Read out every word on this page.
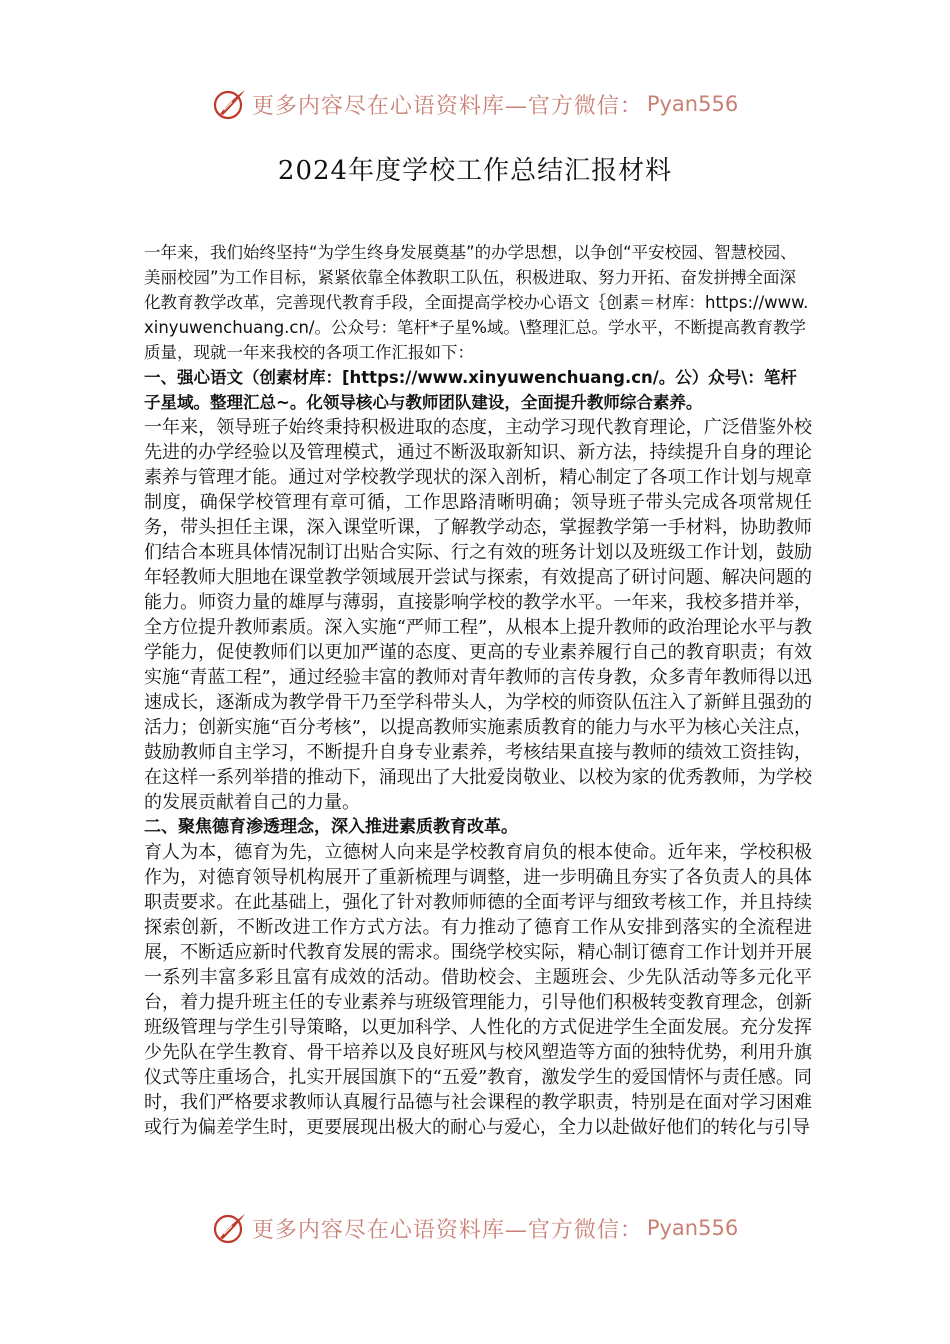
更多内容尽在心语资料库—官方微信： Pyan556
2024年度学校工作总结汇报材料

一年来，我们始终坚持“为学生终身发展奠基”的办学思想，以争创“平安校园、智慧校园、美丽校园”为工作目标，紧紧依靠全体教职工队伍，积极进取、努力开拓、奋发拼搏全面深化教育教学改革，完善现代教育手段，全面提高学校办心语文｛创素＝材库：https://www.xinyuwenchuang.cn/。公众号：笔杆*子星%域。\整理汇总。学水平，不断提高教育教学质量，现就一年来我校的各项工作汇报如下：

一、强心语文（创素材库：[https://www.xinyuwenchuang.cn/。公）众号\：笔杆子星域。整理汇总~。化领导核心与教师团队建设，全面提升教师综合素养。

一年来，领导班子始终秉持积极进取的态度，主动学习现代教育理论，广泛借鉴外校先进的办学经验以及管理模式，通过不断汲取新知识、新方法，持续提升自身的理论素养与管理才能。通过对学校教学现状的深入剖析，精心制定了各项工作计划与规章制度，确保学校管理有章可循，工作思路清晰明确；领导班子带头完成各项常规任务，带头担任主课，深入课堂听课，了解教学动态，掌握教学第一手材料，协助教师们结合本班具体情况制订出贴合实际、行之有效的班务计划以及班级工作计划，鼓励年轻教师大胆地在课堂教学领域展开尝试与探索，有效提高了研讨问题、解决问题的能力。师资力量的雄厚与薄弱，直接影响学校的教学水平。一年来，我校多措并举，全方位提升教师素质。深入实施“严师工程”，从根本上提升教师的政治理论水平与教学能力，促使教师们以更加严谨的态度、更高的专业素养履行自己的教育职责；有效实施“青蓝工程”，通过经验丰富的教师对青年教师的言传身教，众多青年教师得以迅速成长，逐渐成为教学骨干乃至学科带头人，为学校的师资队伍注入了新鲜且强劲的活力；创新实施“百分考核”，以提高教师实施素质教育的能力与水平为核心关注点，鼓励教师自主学习，不断提升自身专业素养，考核结果直接与教师的绩效工资挂钩，在这样一系列举措的推动下，涌现出了大批爱岗敬业、以校为家的优秀教师，为学校的发展贡献着自己的力量。

二、聚焦德育渗透理念，深入推进素质教育改革。

育人为本，德育为先，立德树人向来是学校教育肩负的根本使命。近年来，学校积极作为，对德育领导机构展开了重新梳理与调整，进一步明确且夯实了各负责人的具体职责要求。在此基础上，强化了针对教师师德的全面考评与细致考核工作，并且持续探索创新，不断改进工作方式方法。有力推动了德育工作从安排到落实的全流程进展，不断适应新时代教育发展的需求。围绕学校实际，精心制订德育工作计划并开展一系列丰富多彩且富有成效的活动。借助校会、主题班会、少先队活动等多元化平台，着力提升班主任的专业素养与班级管理能力，引导他们积极转变教育理念，创新班级管理与学生引导策略，以更加科学、人性化的方式促进学生全面发展。充分发挥少先队在学生教育、骨干培养以及良好班风与校风塑造等方面的独特优势，利用升旗仪式等庄重场合，扎实开展国旗下的“五爱”教育，激发学生的爱国情怀与责任感。同时，我们严格要求教师认真履行品德与社会课程的教学职责，特别是在面对学习困难或行为偏差学生时，更要展现出极大的耐心与爱心，全力以赴做好他们的转化与引导

更多内容尽在心语资料库—官方微信： Pyan556
